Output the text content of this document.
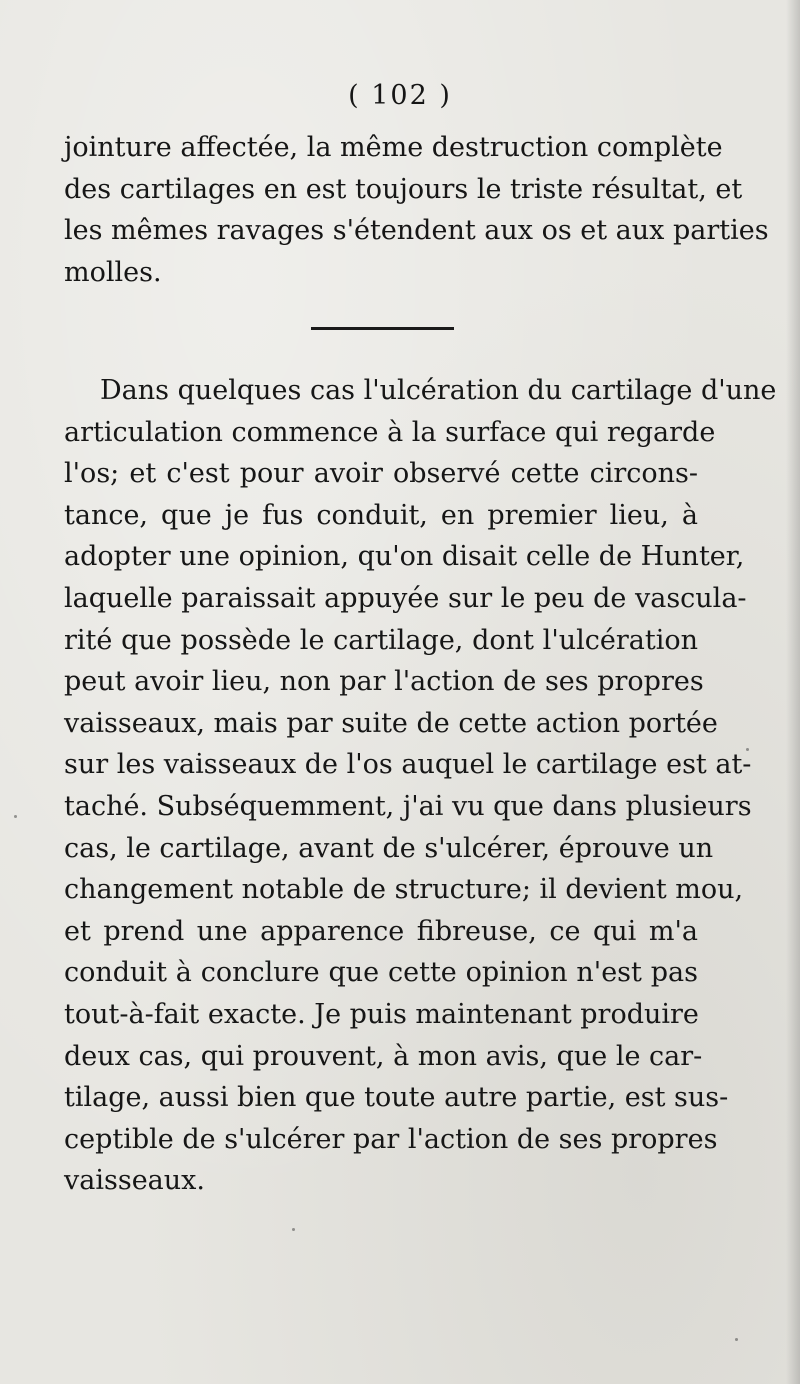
( 102 )
jointure affectée, la même destruction complète
des cartilages en est toujours le triste résultat, et
les mêmes ravages s'étendent aux os et aux parties
molles.
Dans quelques cas l'ulcération du cartilage d'une
articulation commence à la surface qui regarde
l'os; et c'est pour avoir observé cette circons-
tance, que je fus conduit, en premier lieu, à
adopter une opinion, qu'on disait celle de Hunter,
laquelle paraissait appuyée sur le peu de vascula-
rité que possède le cartilage, dont l'ulcération
peut avoir lieu, non par l'action de ses propres
vaisseaux, mais par suite de cette action portée
sur les vaisseaux de l'os auquel le cartilage est at-
taché. Subséquemment, j'ai vu que dans plusieurs
cas, le cartilage, avant de s'ulcérer, éprouve un
changement notable de structure; il devient mou,
et prend une apparence fibreuse, ce qui m'a
conduit à conclure que cette opinion n'est pas
tout-à-fait exacte. Je puis maintenant produire
deux cas, qui prouvent, à mon avis, que le car-
tilage, aussi bien que toute autre partie, est sus-
ceptible de s'ulcérer par l'action de ses propres
vaisseaux.
